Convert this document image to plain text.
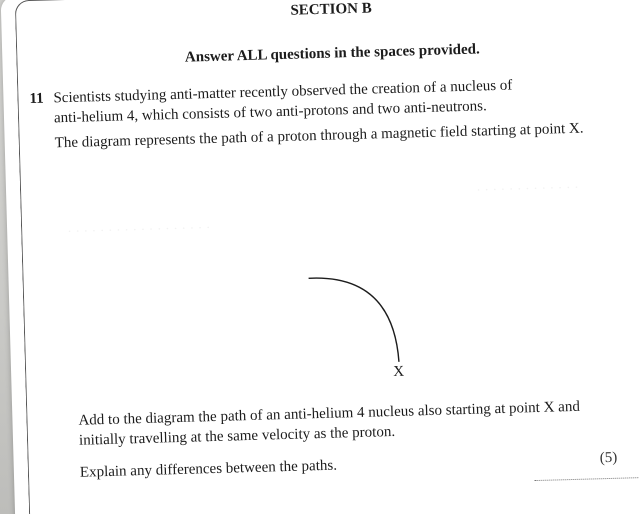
· · · · · · · · · · · · ·
· · · · · · · · · · · · · · · · · ·
SECTION B
Answer ALL questions in the spaces provided.
11 Scientists studying anti-matter recently observed the creation of a nucleus of
anti-helium 4, which consists of two anti-protons and two anti-neutrons.
The diagram represents the path of a proton through a magnetic field starting at point X.
X
Add to the diagram the path of an anti-helium 4 nucleus also starting at point X and
initially travelling at the same velocity as the proton.
Explain any differences between the paths.	(5)
